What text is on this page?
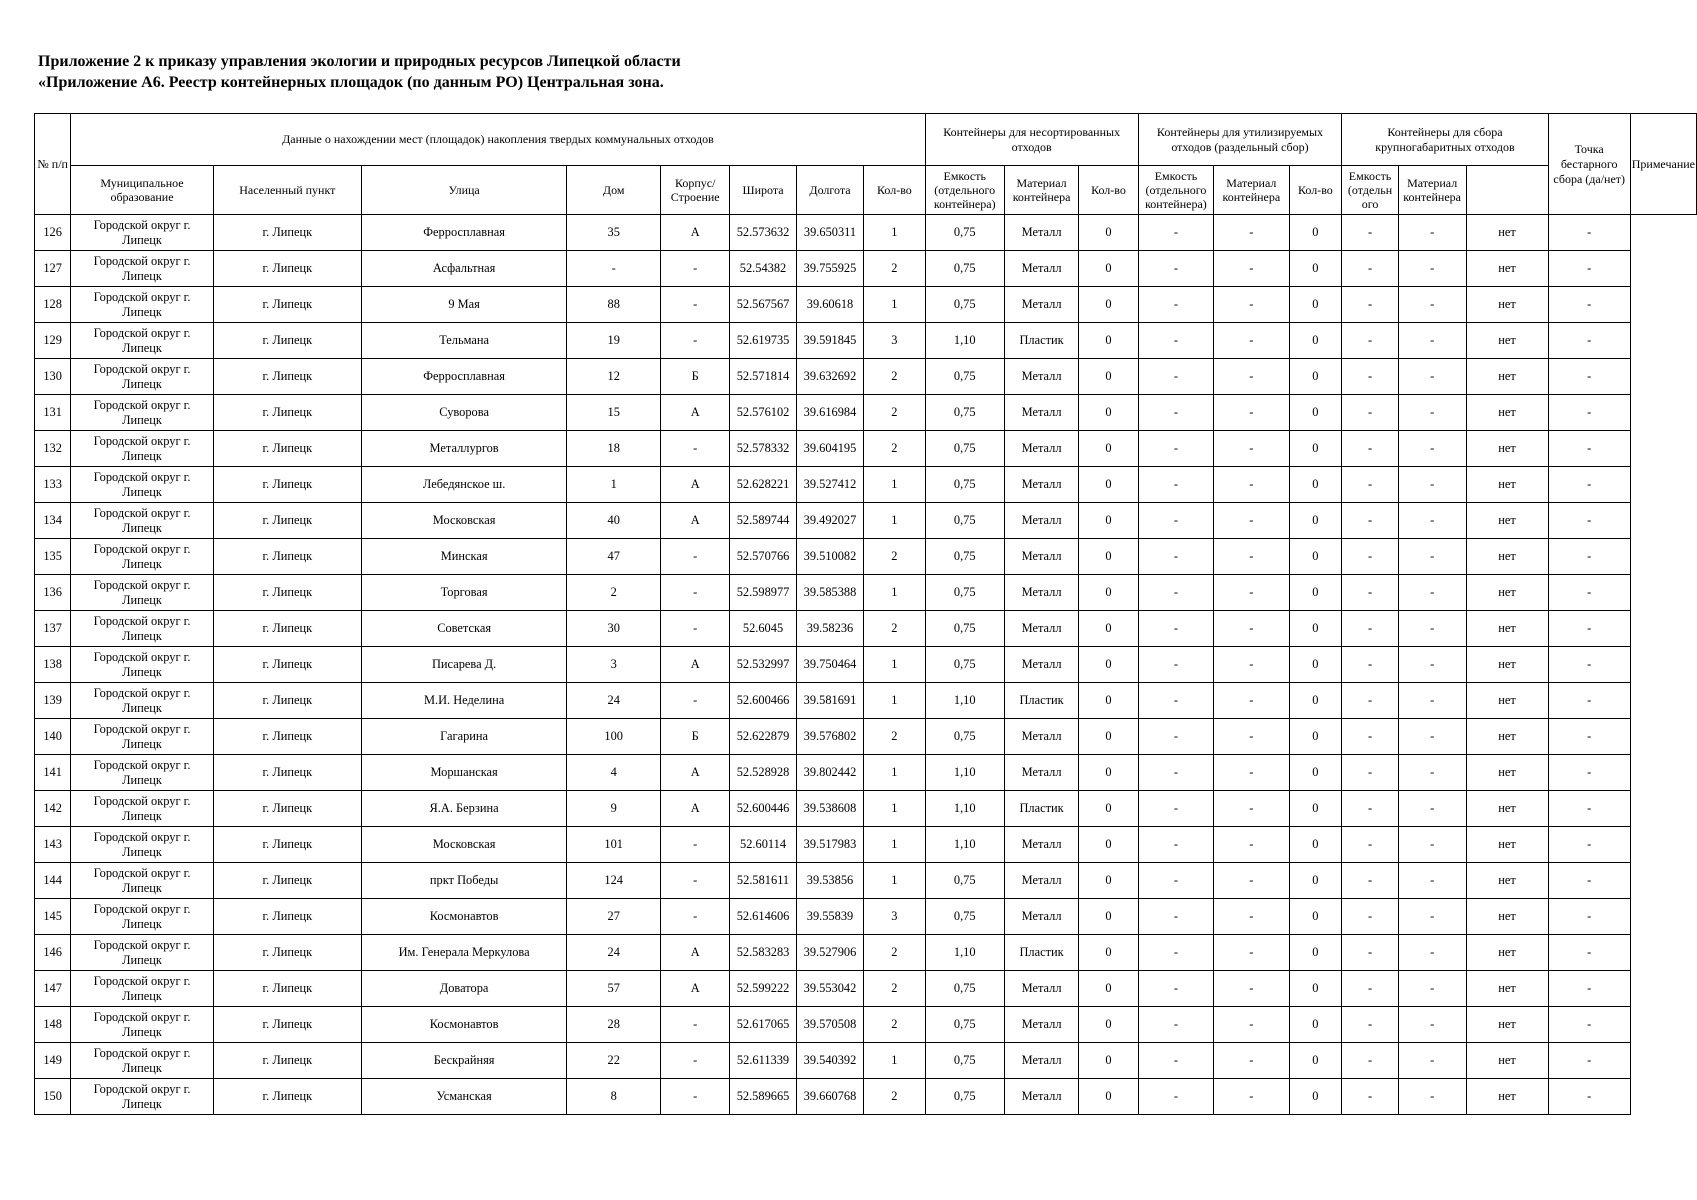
Приложение 2 к приказу управления экологии и природных ресурсов Липецкой области
«Приложение А6. Реестр контейнерных площадок (по данным РО) Центральная зона.
№ п/п	Данные о нахождении мест (площадок) накопления твердых коммунальных отходов								Контейнеры для несортированных отходов			Контейнеры для утилизируемых отходов (раздельный сбор)			Контейнеры для сбора крупногабаритных отходов			Точка бестарного сбора (да/нет)	Примечание
	Муниципальное образование	Населенный пункт	Улица	Дом	Корпус/ Строение	Широта	Долгота	Кол-во	Емкость (отдельного контейнера)	Материал контейнера	Кол-во	Емкость (отдельного контейнера)	Материал контейнера	Кол-во	Емкость (отдельн ого	Материал контейнера			
126	Городской округ г. Липецк	г. Липецк	Ферросплавная	35	А	52.573632	39.650311	1	0,75	Металл	0	-	-	0	-	-	нет	-	
127	Городской округ г. Липецк	г. Липецк	Асфальтная	-	-	52.54382	39.755925	2	0,75	Металл	0	-	-	0	-	-	нет	-	
128	Городской округ г. Липецк	г. Липецк	9 Мая	88	-	52.567567	39.60618	1	0,75	Металл	0	-	-	0	-	-	нет	-	
129	Городской округ г. Липецк	г. Липецк	Тельмана	19	-	52.619735	39.591845	3	1,10	Пластик	0	-	-	0	-	-	нет	-	
130	Городской округ г. Липецк	г. Липецк	Ферросплавная	12	Б	52.571814	39.632692	2	0,75	Металл	0	-	-	0	-	-	нет	-	
131	Городской округ г. Липецк	г. Липецк	Суворова	15	А	52.576102	39.616984	2	0,75	Металл	0	-	-	0	-	-	нет	-	
132	Городской округ г. Липецк	г. Липецк	Металлургов	18	-	52.578332	39.604195	2	0,75	Металл	0	-	-	0	-	-	нет	-	
133	Городской округ г. Липецк	г. Липецк	Лебедянское ш.	1	А	52.628221	39.527412	1	0,75	Металл	0	-	-	0	-	-	нет	-	
134	Городской округ г. Липецк	г. Липецк	Московская	40	А	52.589744	39.492027	1	0,75	Металл	0	-	-	0	-	-	нет	-	
135	Городской округ г. Липецк	г. Липецк	Минская	47	-	52.570766	39.510082	2	0,75	Металл	0	-	-	0	-	-	нет	-	
136	Городской округ г. Липецк	г. Липецк	Торговая	2	-	52.598977	39.585388	1	0,75	Металл	0	-	-	0	-	-	нет	-	
137	Городской округ г. Липецк	г. Липецк	Советская	30	-	52.6045	39.58236	2	0,75	Металл	0	-	-	0	-	-	нет	-	
138	Городской округ г. Липецк	г. Липецк	Писарева Д.	3	А	52.532997	39.750464	1	0,75	Металл	0	-	-	0	-	-	нет	-	
139	Городской округ г. Липецк	г. Липецк	М.И. Неделина	24	-	52.600466	39.581691	1	1,10	Пластик	0	-	-	0	-	-	нет	-	
140	Городской округ г. Липецк	г. Липецк	Гагарина	100	Б	52.622879	39.576802	2	0,75	Металл	0	-	-	0	-	-	нет	-	
141	Городской округ г. Липецк	г. Липецк	Моршанская	4	А	52.528928	39.802442	1	1,10	Металл	0	-	-	0	-	-	нет	-	
142	Городской округ г. Липецк	г. Липецк	Я.А. Берзина	9	А	52.600446	39.538608	1	1,10	Пластик	0	-	-	0	-	-	нет	-	
143	Городской округ г. Липецк	г. Липецк	Московская	101	-	52.60114	39.517983	1	1,10	Металл	0	-	-	0	-	-	нет	-	
144	Городской округ г. Липецк	г. Липецк	пркт Победы	124	-	52.581611	39.53856	1	0,75	Металл	0	-	-	0	-	-	нет	-	
145	Городской округ г. Липецк	г. Липецк	Космонавтов	27	-	52.614606	39.55839	3	0,75	Металл	0	-	-	0	-	-	нет	-	
146	Городской округ г. Липецк	г. Липецк	Им. Генерала Меркулова	24	А	52.583283	39.527906	2	1,10	Пластик	0	-	-	0	-	-	нет	-	
147	Городской округ г. Липецк	г. Липецк	Доватора	57	А	52.599222	39.553042	2	0,75	Металл	0	-	-	0	-	-	нет	-	
148	Городской округ г. Липецк	г. Липецк	Космонавтов	28	-	52.617065	39.570508	2	0,75	Металл	0	-	-	0	-	-	нет	-	
149	Городской округ г. Липецк	г. Липецк	Бескрайняя	22	-	52.611339	39.540392	1	0,75	Металл	0	-	-	0	-	-	нет	-	
150	Городской округ г. Липецк	г. Липецк	Усманская	8	-	52.589665	39.660768	2	0,75	Металл	0	-	-	0	-	-	нет	-	
